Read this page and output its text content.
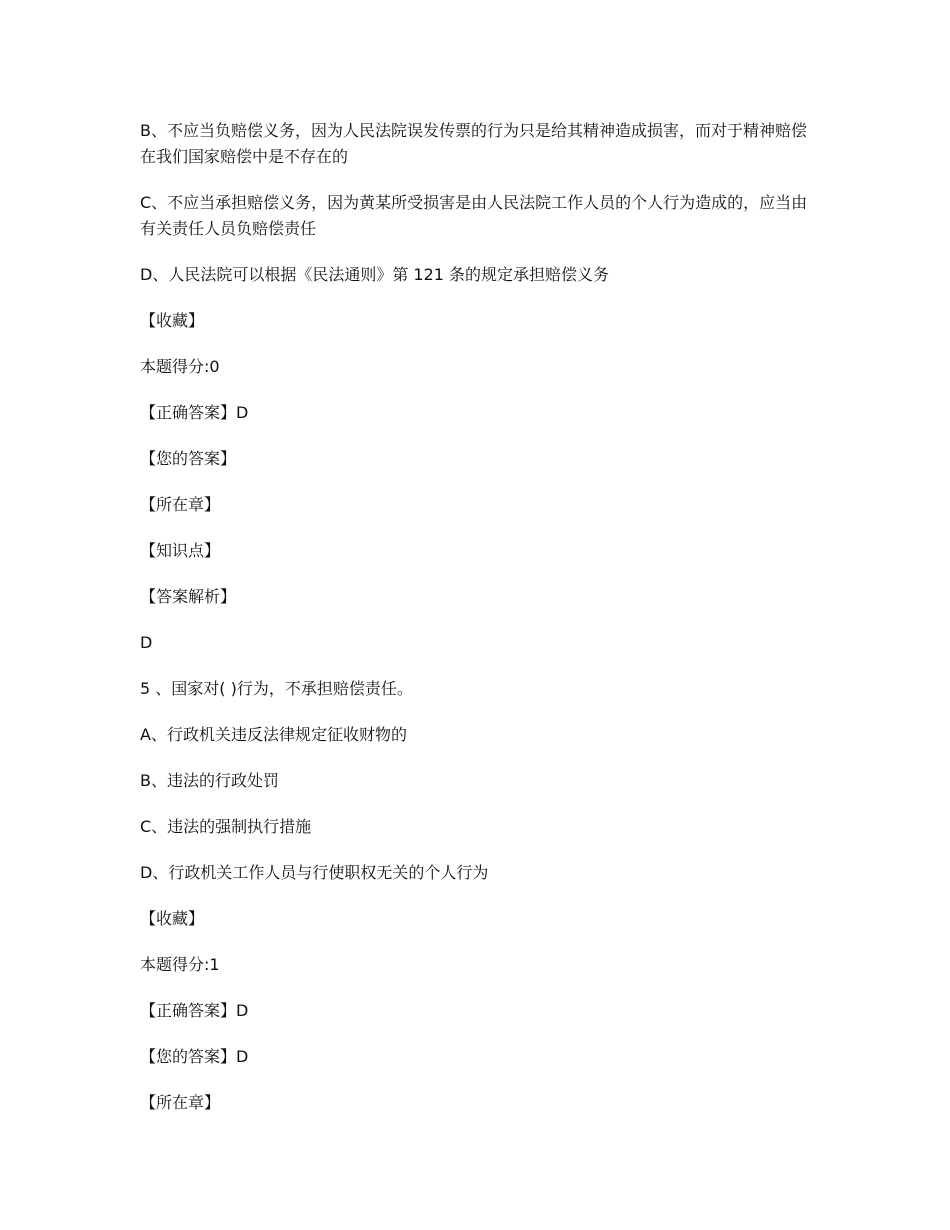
B、不应当负赔偿义务，因为人民法院误发传票的行为只是给其精神造成损害，而对于精神赔偿在我们国家赔偿中是不存在的

C、不应当承担赔偿义务，因为黄某所受损害是由人民法院工作人员的个人行为造成的，应当由有关责任人员负赔偿责任

D、人民法院可以根据《民法通则》第 121 条的规定承担赔偿义务

【收藏】

本题得分:0

【正确答案】D

【您的答案】

【所在章】

【知识点】

【答案解析】

D

5 、国家对( )行为，不承担赔偿责任。

A、行政机关违反法律规定征收财物的

B、违法的行政处罚

C、违法的强制执行措施

D、行政机关工作人员与行使职权无关的个人行为

【收藏】

本题得分:1

【正确答案】D

【您的答案】D

【所在章】
